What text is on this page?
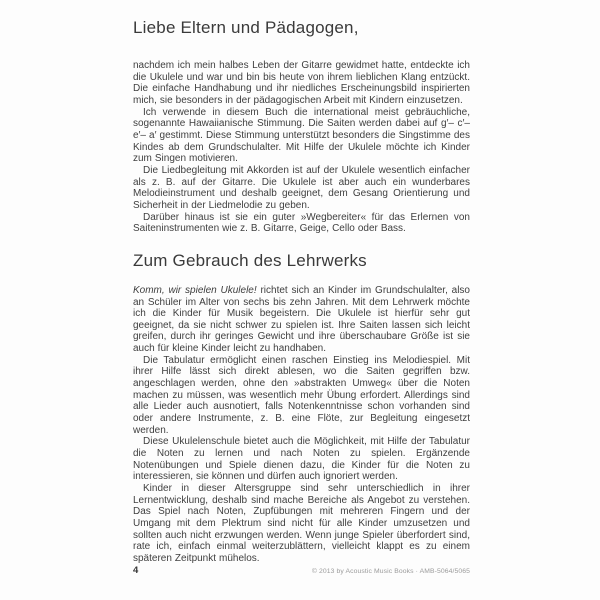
Liebe Eltern und Pädagogen,

nachdem ich mein halbes Leben der Gitarre gewidmet hatte, entdeckte ich die Ukulele und war und bin bis heute von ihrem lieblichen Klang entzückt. Die einfache Handhabung und ihr niedliches Erscheinungsbild inspirierten mich, sie besonders in der pädagogischen Arbeit mit Kindern einzusetzen.

Ich verwende in diesem Buch die international meist gebräuchliche, sogenannte Hawaiianische Stimmung. Die Saiten werden dabei auf g′– c′– e′– a′ gestimmt. Diese Stimmung unterstützt besonders die Singstimme des Kindes ab dem Grundschulalter. Mit Hilfe der Ukulele möchte ich Kinder zum Singen motivieren.

Die Liedbegleitung mit Akkorden ist auf der Ukulele wesentlich einfacher als z. B. auf der Gitarre. Die Ukulele ist aber auch ein wunderbares Melodieinstrument und deshalb geeignet, dem Gesang Orientierung und Sicherheit in der Liedmelodie zu geben.

Darüber hinaus ist sie ein guter »Wegbereiter« für das Erlernen von Saiteninstrumenten wie z. B. Gitarre, Geige, Cello oder Bass.

Zum Gebrauch des Lehrwerks

Komm, wir spielen Ukulele! richtet sich an Kinder im Grundschulalter, also an Schüler im Alter von sechs bis zehn Jahren. Mit dem Lehrwerk möchte ich die Kinder für Musik begeistern. Die Ukulele ist hierfür sehr gut geeignet, da sie nicht schwer zu spielen ist. Ihre Saiten lassen sich leicht greifen, durch ihr geringes Gewicht und ihre überschaubare Größe ist sie auch für kleine Kinder leicht zu handhaben.

Die Tabulatur ermöglicht einen raschen Einstieg ins Melodiespiel. Mit ihrer Hilfe lässt sich direkt ablesen, wo die Saiten gegriffen bzw. angeschlagen werden, ohne den »abstrakten Umweg« über die Noten machen zu müssen, was wesentlich mehr Übung erfordert. Allerdings sind alle Lieder auch ausnotiert, falls Notenkenntnisse schon vorhanden sind oder andere Instrumente, z. B. eine Flöte, zur Begleitung eingesetzt werden.

Diese Ukulelenschule bietet auch die Möglichkeit, mit Hilfe der Tabulatur die Noten zu lernen und nach Noten zu spielen. Ergänzende Notenübungen und Spiele dienen dazu, die Kinder für die Noten zu interessieren, sie können und dürfen auch ignoriert werden.

Kinder in dieser Altersgruppe sind sehr unterschiedlich in ihrer Lernentwicklung, deshalb sind mache Bereiche als Angebot zu verstehen. Das Spiel nach Noten, Zupfübungen mit mehreren Fingern und der Umgang mit dem Plektrum sind nicht für alle Kinder umzusetzen und sollten auch nicht erzwungen werden. Wenn junge Spieler überfordert sind, rate ich, einfach einmal weiterzublättern, vielleicht klappt es zu einem späteren Zeitpunkt mühelos.

4	© 2013 by Acoustic Music Books · AMB-5064/5065
